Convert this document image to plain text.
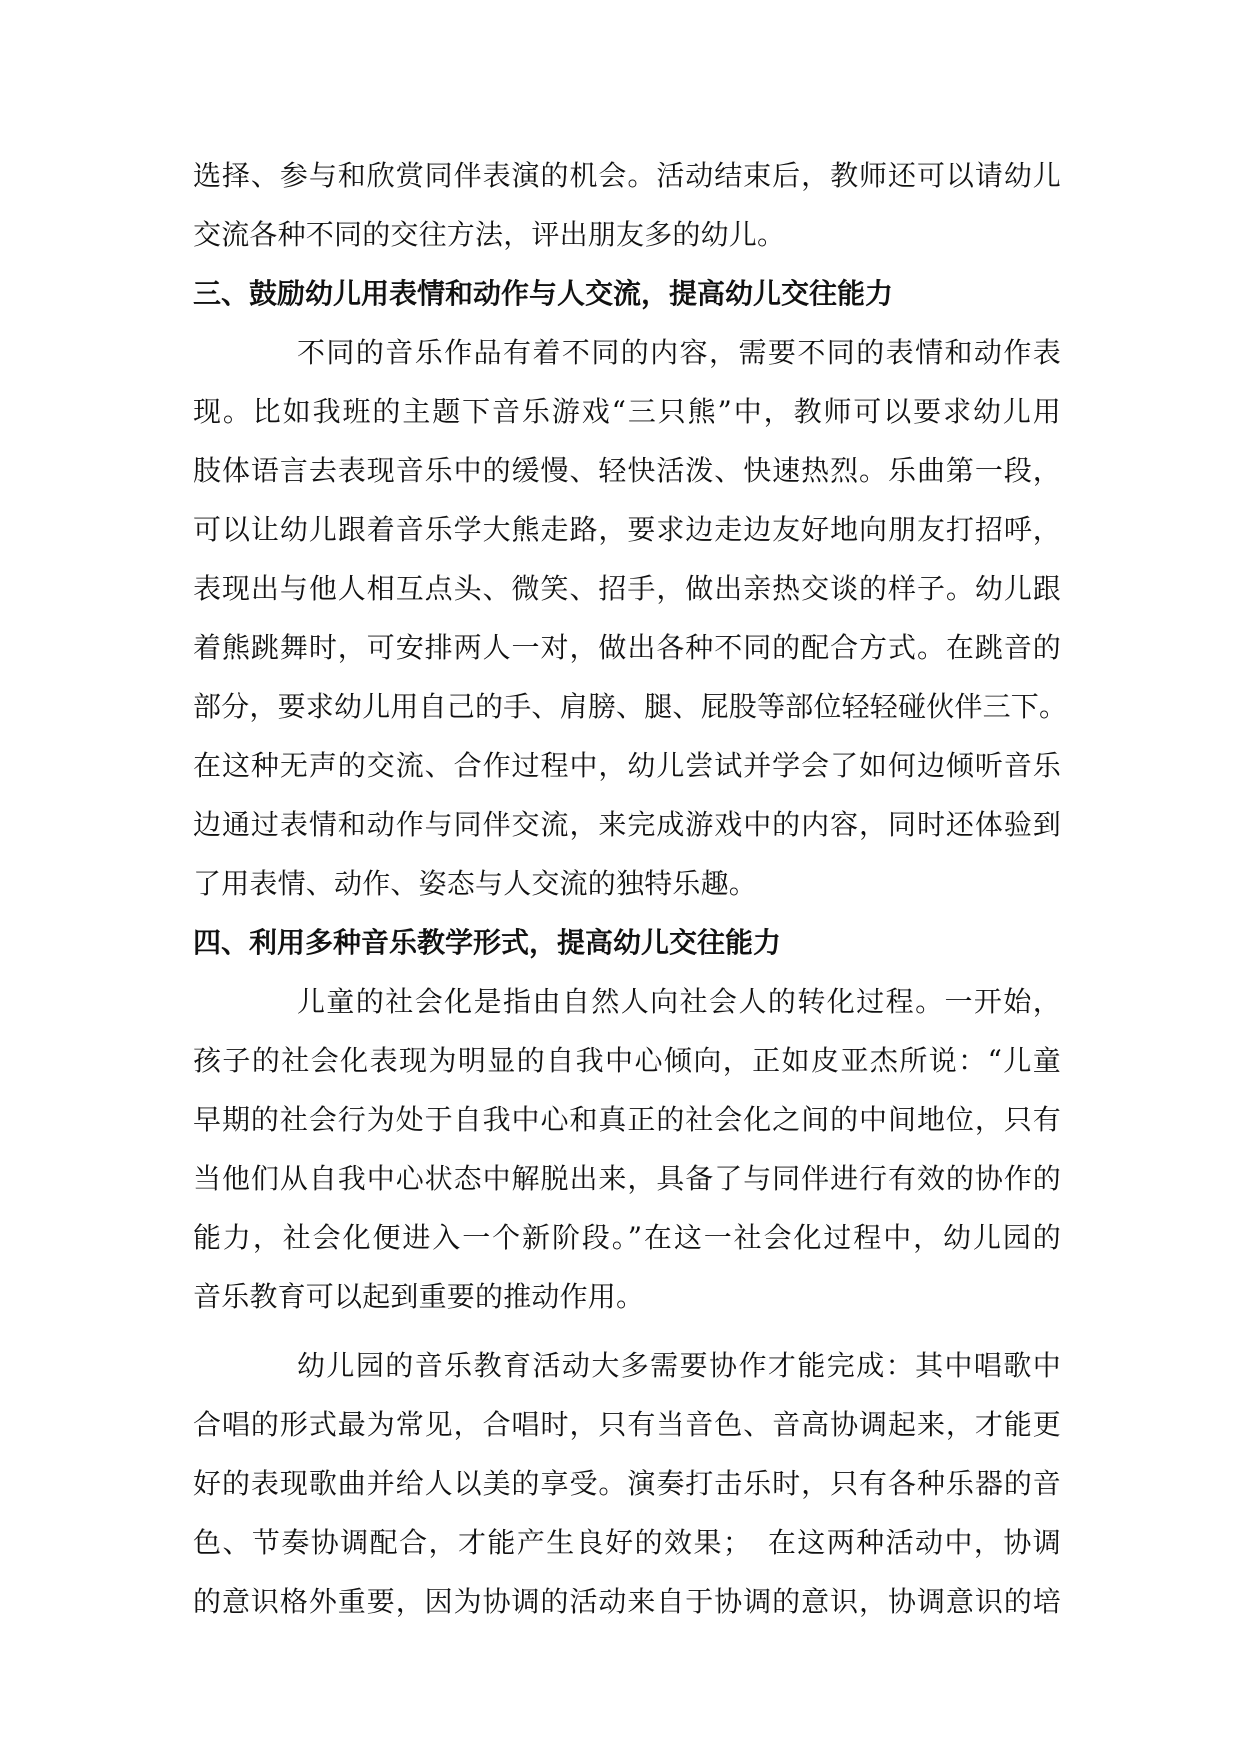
选择、参与和欣赏同伴表演的机会。活动结束后，教师还可以请幼儿
交流各种不同的交往方法，评出朋友多的幼儿。
三、鼓励幼儿用表情和动作与人交流，提高幼儿交往能力
不同的音乐作品有着不同的内容，需要不同的表情和动作表
现。比如我班的主题下音乐游戏“三只熊”中，教师可以要求幼儿用
肢体语言去表现音乐中的缓慢、轻快活泼、快速热烈。乐曲第一段，
可以让幼儿跟着音乐学大熊走路，要求边走边友好地向朋友打招呼，
表现出与他人相互点头、微笑、招手，做出亲热交谈的样子。幼儿跟
着熊跳舞时，可安排两人一对，做出各种不同的配合方式。在跳音的
部分，要求幼儿用自己的手、肩膀、腿、屁股等部位轻轻碰伙伴三下。
在这种无声的交流、合作过程中，幼儿尝试并学会了如何边倾听音乐
边通过表情和动作与同伴交流，来完成游戏中的内容，同时还体验到
了用表情、动作、姿态与人交流的独特乐趣。
四、利用多种音乐教学形式，提高幼儿交往能力
儿童的社会化是指由自然人向社会人的转化过程。一开始，
孩子的社会化表现为明显的自我中心倾向，正如皮亚杰所说：“儿童
早期的社会行为处于自我中心和真正的社会化之间的中间地位，只有
当他们从自我中心状态中解脱出来，具备了与同伴进行有效的协作的
能力，社会化便进入一个新阶段。”在这一社会化过程中，幼儿园的
音乐教育可以起到重要的推动作用。
幼儿园的音乐教育活动大多需要协作才能完成：其中唱歌中
合唱的形式最为常见，合唱时，只有当音色、音高协调起来，才能更
好的表现歌曲并给人以美的享受。演奏打击乐时，只有各种乐器的音
色、节奏协调配合，才能产生良好的效果；　在这两种活动中，协调
的意识格外重要，因为协调的活动来自于协调的意识，协调意识的培
